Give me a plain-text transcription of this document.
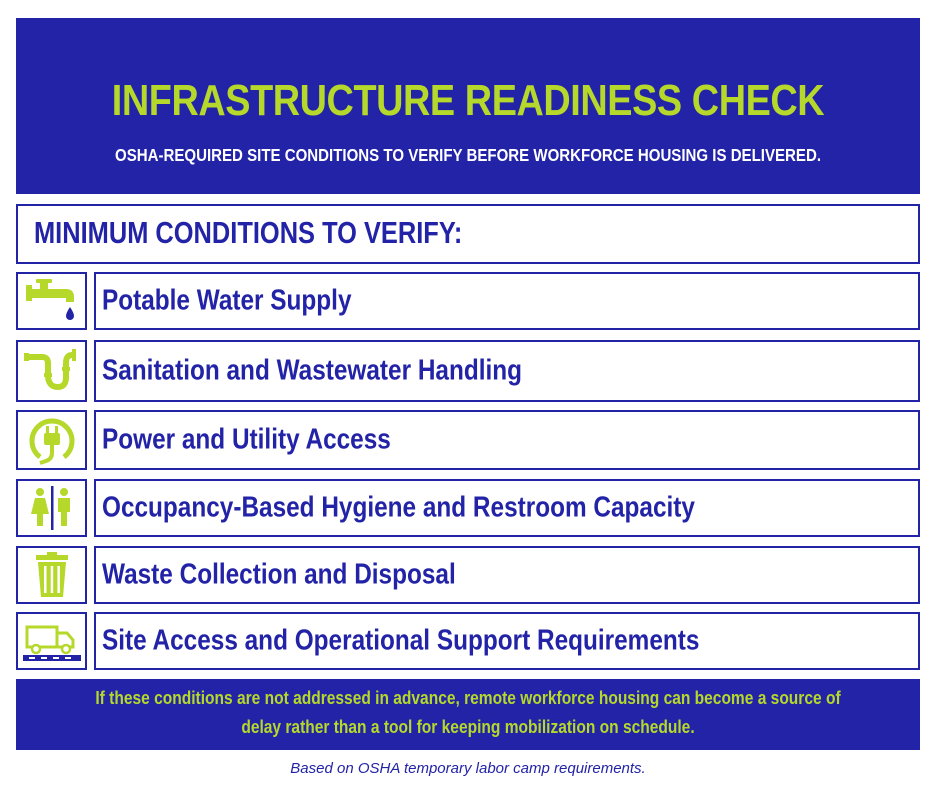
INFRASTRUCTURE READINESS CHECK
OSHA-REQUIRED SITE CONDITIONS TO VERIFY BEFORE WORKFORCE HOUSING IS DELIVERED.
MINIMUM CONDITIONS TO VERIFY:
Potable Water Supply
Sanitation and Wastewater Handling
Power and Utility Access
Occupancy-Based Hygiene and Restroom Capacity
Waste Collection and Disposal
Site Access and Operational Support Requirements
If these conditions are not addressed in advance, remote workforce housing can become a source of
delay rather than a tool for keeping mobilization on schedule.
Based on OSHA temporary labor camp requirements.
